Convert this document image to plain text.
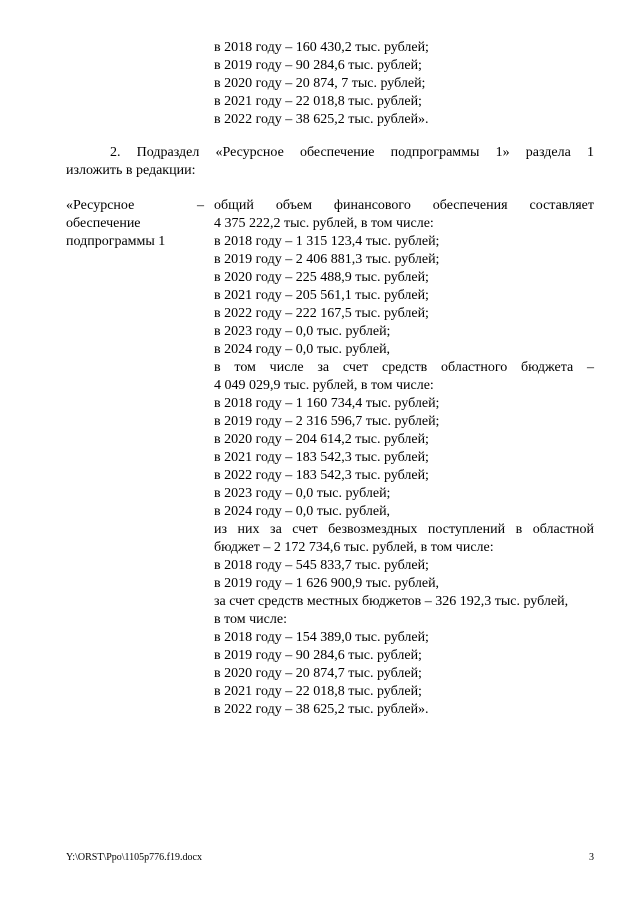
в 2018 году – 160 430,2 тыс. рублей;
в 2019 году – 90 284,6 тыс. рублей;
в 2020 году – 20 874, 7 тыс. рублей;
в 2021 году – 22 018,8 тыс. рублей;
в 2022 году – 38 625,2 тыс. рублей».
2. Подраздел «Ресурсное обеспечение подпрограммы 1» раздела 1
изложить в редакции:
«Ресурсное
обеспечение
подпрограммы 1
– общий объем финансового обеспечения составляет
4 375 222,2 тыс. рублей, в том числе:
в 2018 году – 1 315 123,4 тыс. рублей;
в 2019 году – 2 406 881,3 тыс. рублей;
в 2020 году – 225 488,9 тыс. рублей;
в 2021 году – 205 561,1 тыс. рублей;
в 2022 году – 222 167,5 тыс. рублей;
в 2023 году – 0,0 тыс. рублей;
в 2024 году – 0,0 тыс. рублей,
в том числе за счет средств областного бюджета –
4 049 029,9 тыс. рублей, в том числе:
в 2018 году – 1 160 734,4 тыс. рублей;
в 2019 году – 2 316 596,7 тыс. рублей;
в 2020 году – 204 614,2 тыс. рублей;
в 2021 году – 183 542,3 тыс. рублей;
в 2022 году – 183 542,3 тыс. рублей;
в 2023 году – 0,0 тыс. рублей;
в 2024 году – 0,0 тыс. рублей,
из них за счет безвозмездных поступлений в областной
бюджет – 2 172 734,6 тыс. рублей, в том числе:
в 2018 году – 545 833,7 тыс. рублей;
в 2019 году – 1 626 900,9 тыс. рублей,
за счет средств местных бюджетов – 326 192,3 тыс. рублей,
в том числе:
в 2018 году – 154 389,0 тыс. рублей;
в 2019 году – 90 284,6 тыс. рублей;
в 2020 году – 20 874,7 тыс. рублей;
в 2021 году – 22 018,8 тыс. рублей;
в 2022 году – 38 625,2 тыс. рублей».
Y:\ORST\Ppo\1105p776.f19.docx	3
